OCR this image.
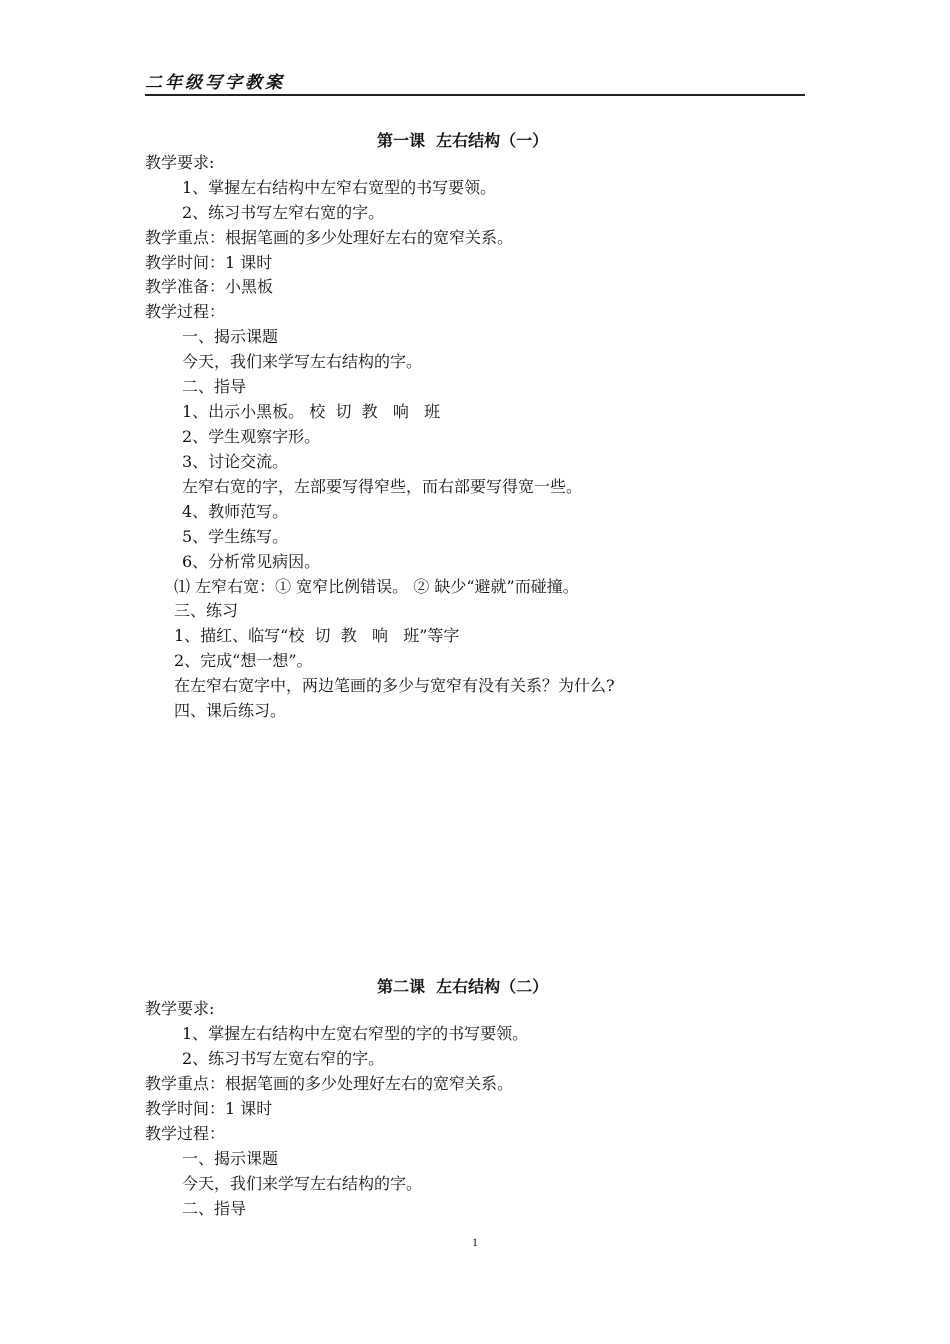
二年级写字教案
第一课  左右结构（一）
教学要求:
1、掌握左右结构中左窄右宽型的书写要领。
2、练习书写左窄右宽的字。
教学重点：根据笔画的多少处理好左右的宽窄关系。
教学时间：1 课时
教学准备：小黑板
教学过程：
一、揭示课题
今天，我们来学写左右结构的字。
二、指导
1、出示小黑板。 校  切  教   响   班
2、学生观察字形。
3、讨论交流。
左窄右宽的字，左部要写得窄些，而右部要写得宽一些。
4、教师范写。
5、学生练写。
6、分析常见病因。
⑴ 左窄右宽：① 宽窄比例错误。 ② 缺少“避就”而碰撞。
三、练习
1、描红、临写“校  切  教   响   班”等字
2、完成“想一想”。
在左窄右宽字中，两边笔画的多少与宽窄有没有关系？为什么?
四、课后练习。
第二课  左右结构（二）
教学要求:
1、掌握左右结构中左宽右窄型的字的书写要领。
2、练习书写左宽右窄的字。
教学重点：根据笔画的多少处理好左右的宽窄关系。
教学时间：1 课时
教学过程：
一、揭示课题
今天，我们来学写左右结构的字。
二、指导
1
